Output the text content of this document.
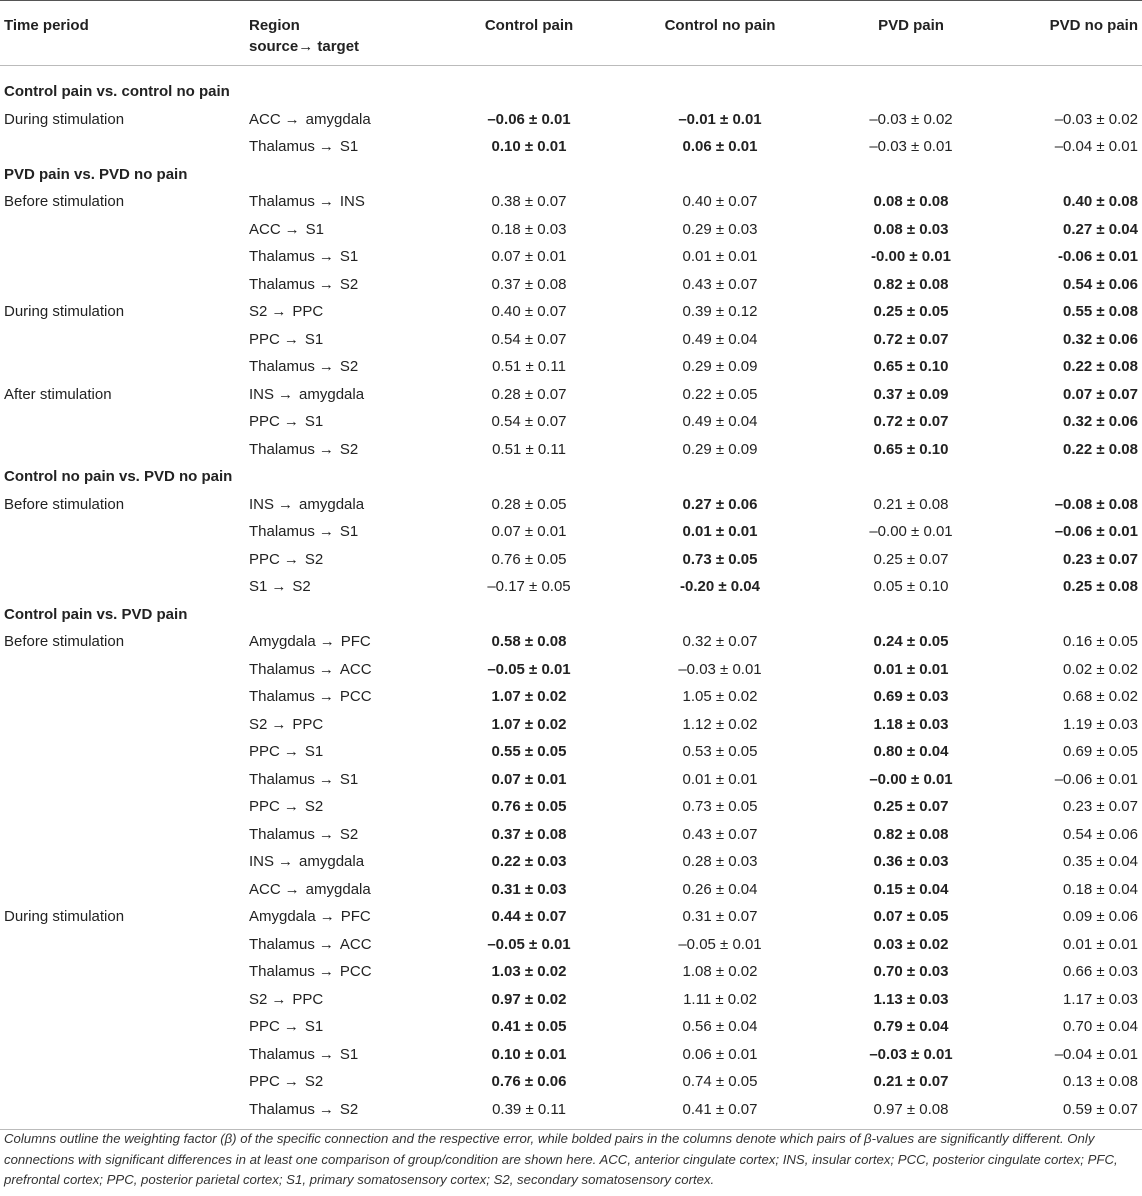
Time period	Region
source→ target
Control pain	Control no pain	PVD pain	PVD no pain
Control pain vs. control no pain
During stimulation	ACC → amygdala	–0.06 ± 0.01	–0.01 ± 0.01	–0.03 ± 0.02	–0.03 ± 0.02
Thalamus → S1	0.10 ± 0.01	0.06 ± 0.01	–0.03 ± 0.01	–0.04 ± 0.01
PVD pain vs. PVD no pain
Before stimulation	Thalamus → INS	0.38 ± 0.07	0.40 ± 0.07	0.08 ± 0.08	0.40 ± 0.08
ACC → S1	0.18 ± 0.03	0.29 ± 0.03	0.08 ± 0.03	0.27 ± 0.04
Thalamus → S1	0.07 ± 0.01	0.01 ± 0.01	-0.00 ± 0.01	-0.06 ± 0.01
Thalamus → S2	0.37 ± 0.08	0.43 ± 0.07	0.82 ± 0.08	0.54 ± 0.06
During stimulation	S2 → PPC	0.40 ± 0.07	0.39 ± 0.12	0.25 ± 0.05	0.55 ± 0.08
PPC → S1	0.54 ± 0.07	0.49 ± 0.04	0.72 ± 0.07	0.32 ± 0.06
Thalamus → S2	0.51 ± 0.11	0.29 ± 0.09	0.65 ± 0.10	0.22 ± 0.08
After stimulation	INS → amygdala	0.28 ± 0.07	0.22 ± 0.05	0.37 ± 0.09	0.07 ± 0.07
PPC → S1	0.54 ± 0.07	0.49 ± 0.04	0.72 ± 0.07	0.32 ± 0.06
Thalamus → S2	0.51 ± 0.11	0.29 ± 0.09	0.65 ± 0.10	0.22 ± 0.08
Control no pain vs. PVD no pain
Before stimulation	INS → amygdala	0.28 ± 0.05	0.27 ± 0.06	0.21 ± 0.08	–0.08 ± 0.08
Thalamus → S1	0.07 ± 0.01	0.01 ± 0.01	–0.00 ± 0.01	–0.06 ± 0.01
PPC → S2	0.76 ± 0.05	0.73 ± 0.05	0.25 ± 0.07	0.23 ± 0.07
S1 → S2	–0.17 ± 0.05	-0.20 ± 0.04	0.05 ± 0.10	0.25 ± 0.08
Control pain vs. PVD pain
Before stimulation	Amygdala → PFC	0.58 ± 0.08	0.32 ± 0.07	0.24 ± 0.05	0.16 ± 0.05
Thalamus → ACC	–0.05 ± 0.01	–0.03 ± 0.01	0.01 ± 0.01	0.02 ± 0.02
Thalamus → PCC	1.07 ± 0.02	1.05 ± 0.02	0.69 ± 0.03	0.68 ± 0.02
S2 → PPC	1.07 ± 0.02	1.12 ± 0.02	1.18 ± 0.03	1.19 ± 0.03
PPC → S1	0.55 ± 0.05	0.53 ± 0.05	0.80 ± 0.04	0.69 ± 0.05
Thalamus → S1	0.07 ± 0.01	0.01 ± 0.01	–0.00 ± 0.01	–0.06 ± 0.01
PPC → S2	0.76 ± 0.05	0.73 ± 0.05	0.25 ± 0.07	0.23 ± 0.07
Thalamus → S2	0.37 ± 0.08	0.43 ± 0.07	0.82 ± 0.08	0.54 ± 0.06
INS → amygdala	0.22 ± 0.03	0.28 ± 0.03	0.36 ± 0.03	0.35 ± 0.04
ACC → amygdala	0.31 ± 0.03	0.26 ± 0.04	0.15 ± 0.04	0.18 ± 0.04
During stimulation	Amygdala → PFC	0.44 ± 0.07	0.31 ± 0.07	0.07 ± 0.05	0.09 ± 0.06
Thalamus → ACC	–0.05 ± 0.01	–0.05 ± 0.01	0.03 ± 0.02	0.01 ± 0.01
Thalamus → PCC	1.03 ± 0.02	1.08 ± 0.02	0.70 ± 0.03	0.66 ± 0.03
S2 → PPC	0.97 ± 0.02	1.11 ± 0.02	1.13 ± 0.03	1.17 ± 0.03
PPC → S1	0.41 ± 0.05	0.56 ± 0.04	0.79 ± 0.04	0.70 ± 0.04
Thalamus → S1	0.10 ± 0.01	0.06 ± 0.01	–0.03 ± 0.01	–0.04 ± 0.01
PPC → S2	0.76 ± 0.06	0.74 ± 0.05	0.21 ± 0.07	0.13 ± 0.08
Thalamus → S2	0.39 ± 0.11	0.41 ± 0.07	0.97 ± 0.08	0.59 ± 0.07
Columns outline the weighting factor (β) of the specific connection and the respective error, while bolded pairs in the columns denote which pairs of β-values are significantly different. Only connections with significant differences in at least one comparison of group/condition are shown here. ACC, anterior cingulate cortex; INS, insular cortex; PCC, posterior cingulate cortex; PFC, prefrontal cortex; PPC, posterior parietal cortex; S1, primary somatosensory cortex; S2, secondary somatosensory cortex.
